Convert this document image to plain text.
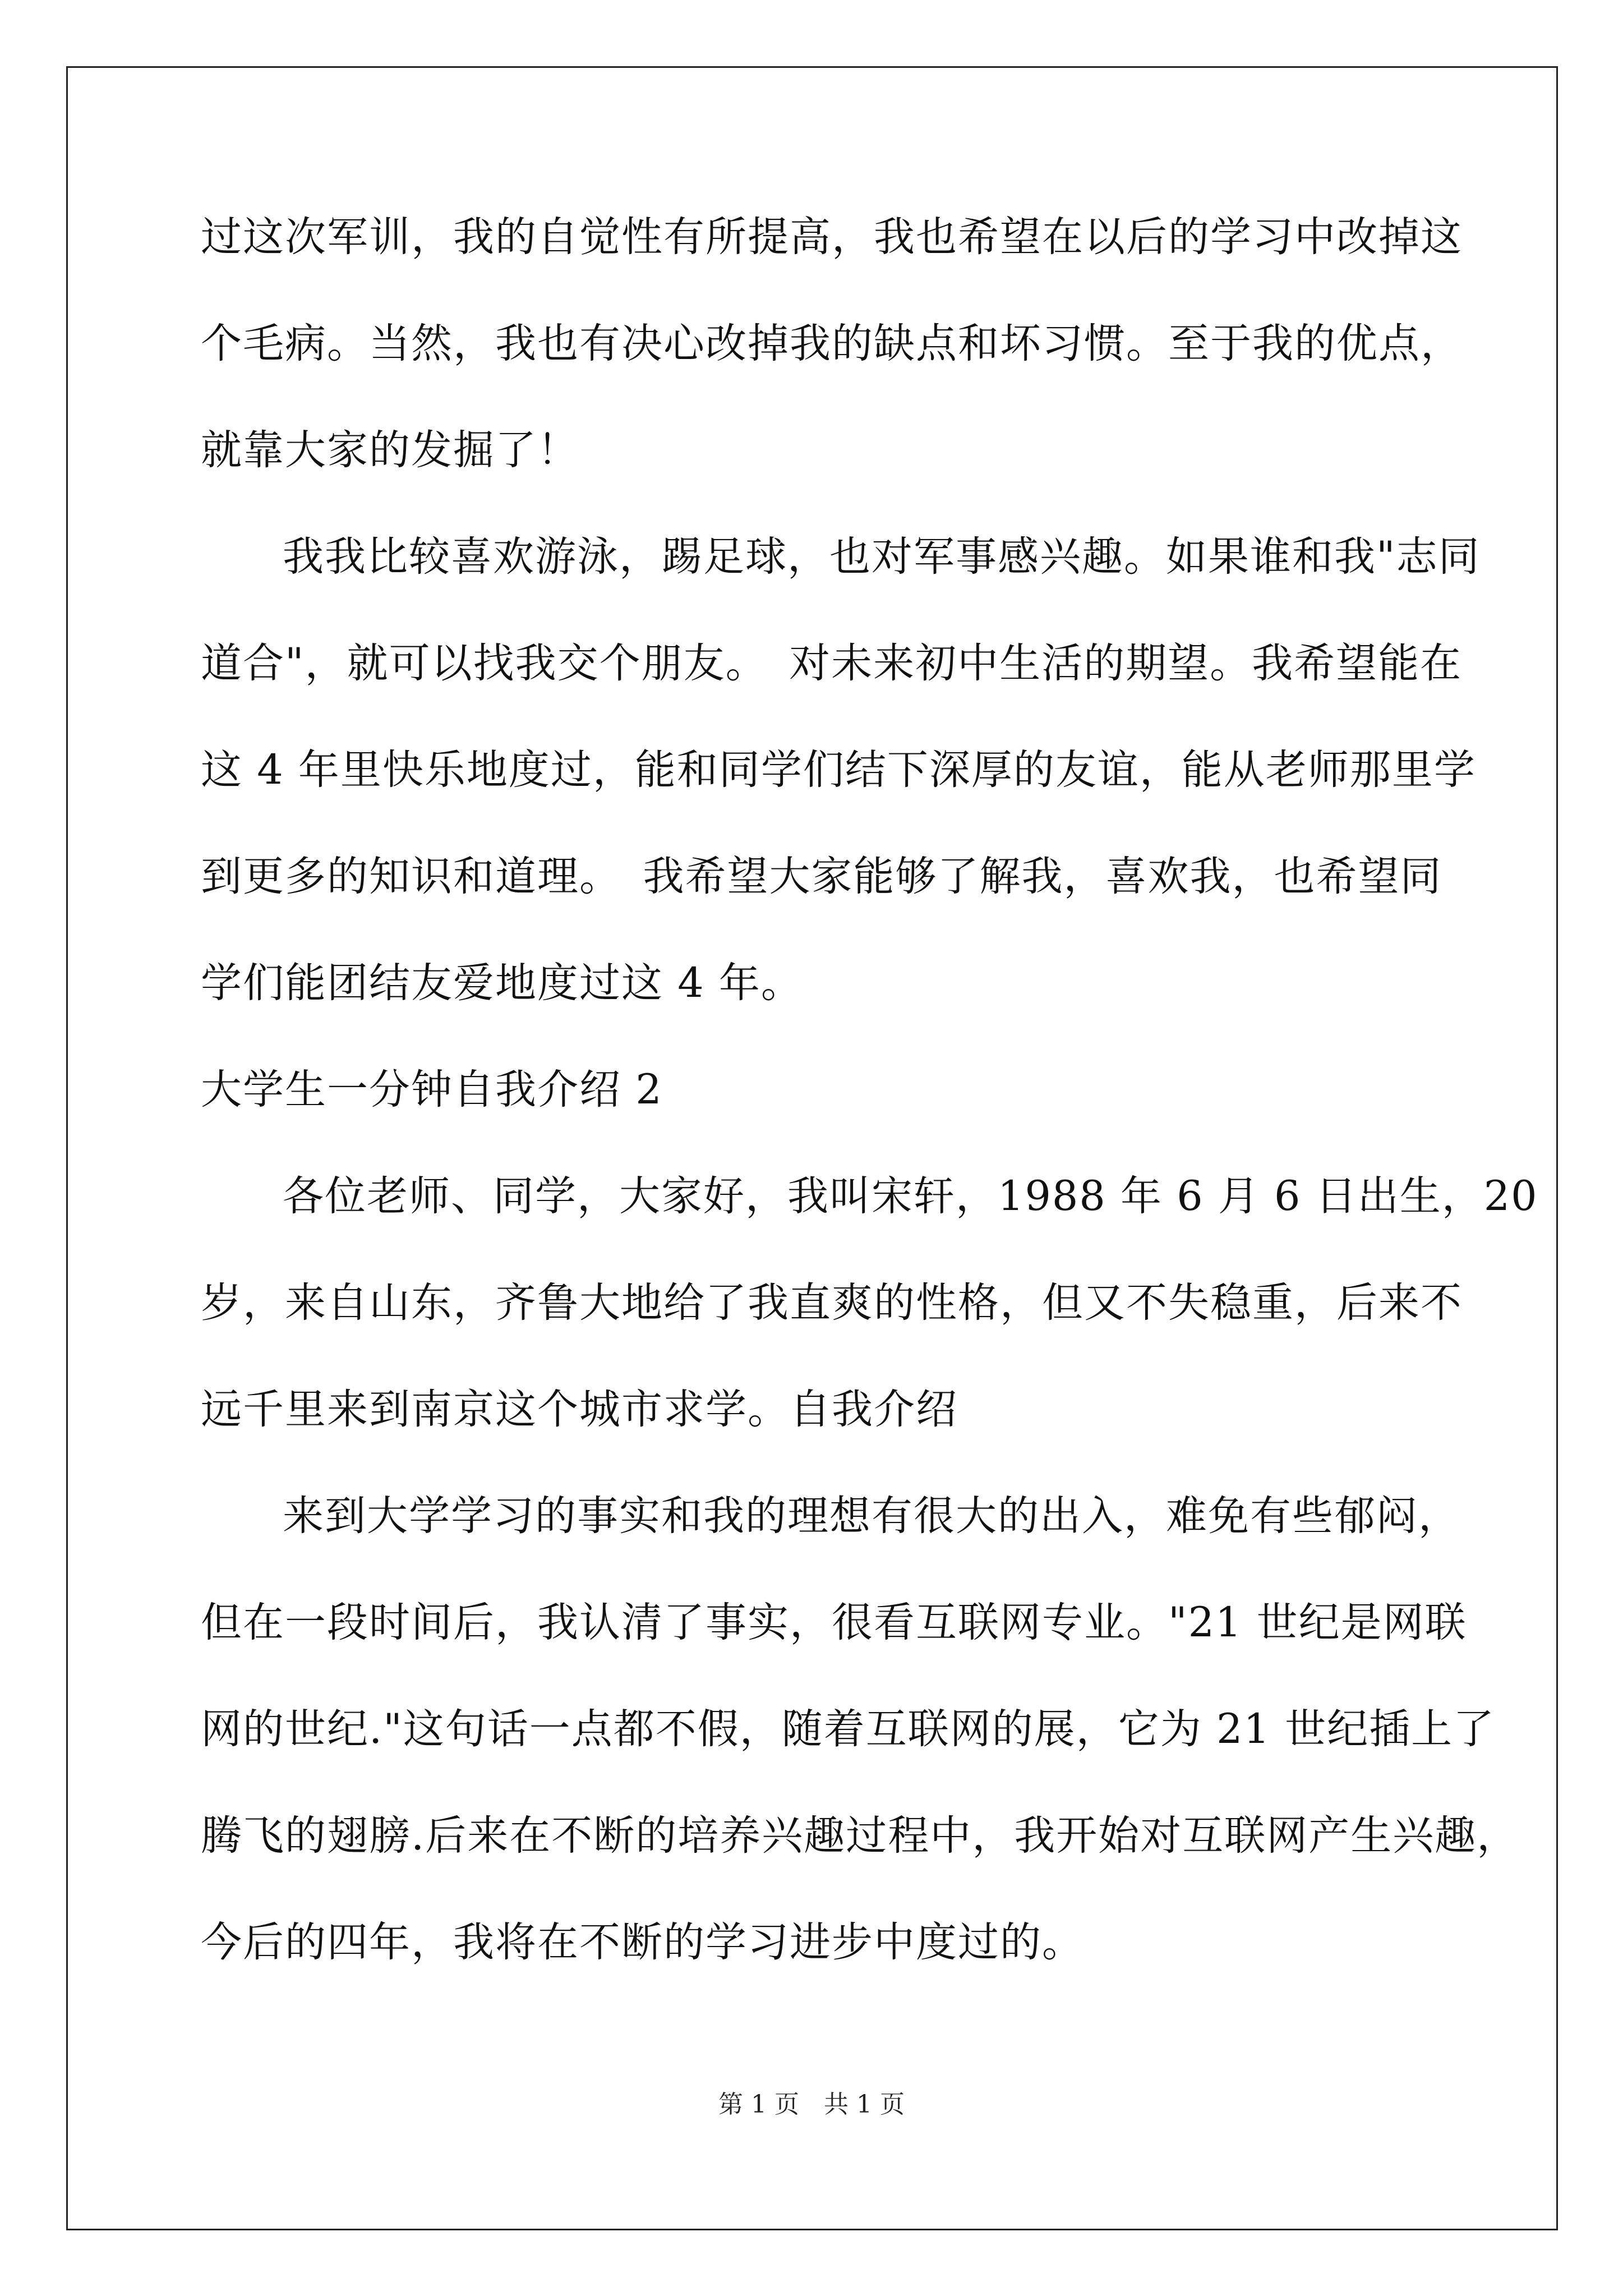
过这次军训，我的自觉性有所提高，我也希望在以后的学习中改掉这
个毛病。当然，我也有决心改掉我的缺点和坏习惯。至于我的优点，
就靠大家的发掘了！
我我比较喜欢游泳，踢足球，也对军事感兴趣。如果谁和我"志同
道合"，就可以找我交个朋友。　对未来初中生活的期望。我希望能在
这 4 年里快乐地度过，能和同学们结下深厚的友谊，能从老师那里学
到更多的知识和道理。　我希望大家能够了解我，喜欢我，也希望同
学们能团结友爱地度过这 4 年。
大学生一分钟自我介绍 2
各位老师、同学，大家好，我叫宋轩，1988 年 6 月 6 日出生，20
岁，来自山东，齐鲁大地给了我直爽的性格，但又不失稳重，后来不
远千里来到南京这个城市求学。自我介绍
来到大学学习的事实和我的理想有很大的出入，难免有些郁闷，
但在一段时间后，我认清了事实，很看互联网专业。"21 世纪是网联
网的世纪."这句话一点都不假，随着互联网的展，它为 21 世纪插上了
腾飞的翅膀.后来在不断的培养兴趣过程中，我开始对互联网产生兴趣，
今后的四年，我将在不断的学习进步中度过的。
第 1 页　共 1 页
